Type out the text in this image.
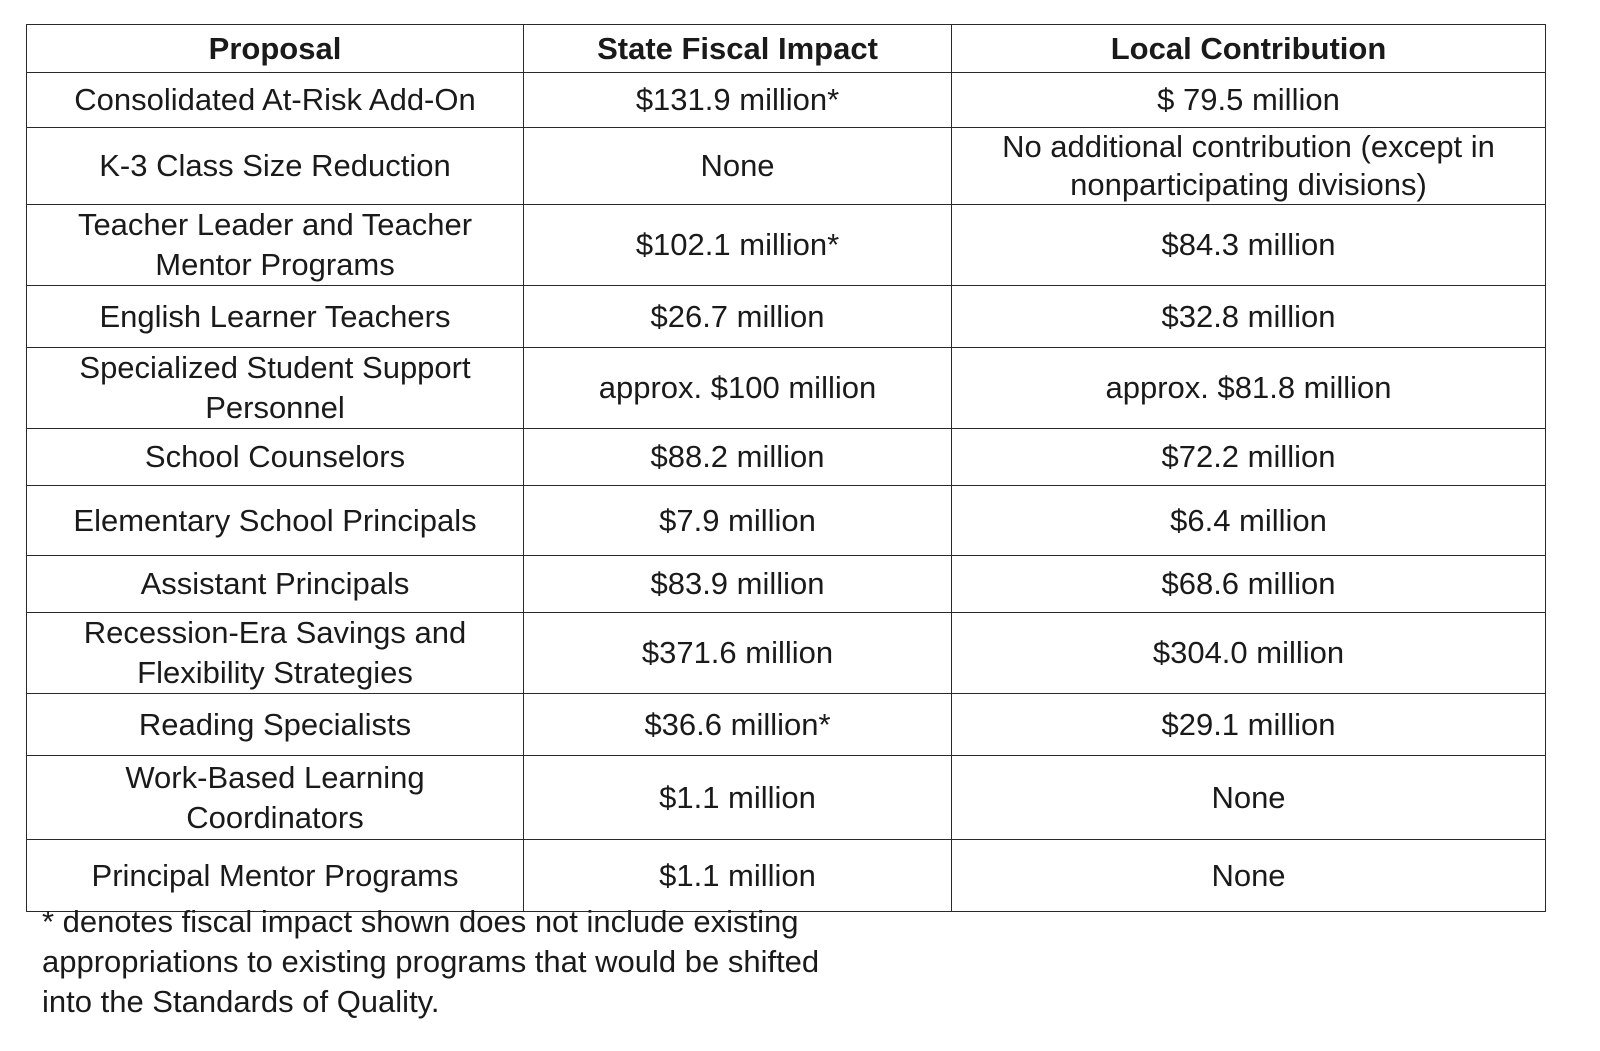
Proposal	State Fiscal Impact	Local Contribution
Consolidated At-Risk Add-On	$131.9 million*	$ 79.5 million
K-3 Class Size Reduction	None	No additional contribution (except in nonparticipating divisions)
Teacher Leader and Teacher Mentor Programs	$102.1 million*	$84.3 million
English Learner Teachers	$26.7 million	$32.8 million
Specialized Student Support Personnel	approx. $100 million	approx. $81.8 million
School Counselors	$88.2 million	$72.2 million
Elementary School Principals	$7.9 million	$6.4 million
Assistant Principals	$83.9 million	$68.6 million
Recession-Era Savings and Flexibility Strategies	$371.6 million	$304.0 million
Reading Specialists	$36.6 million*	$29.1 million
Work-Based Learning Coordinators	$1.1 million	None
Principal Mentor Programs	$1.1 million	None
* denotes fiscal impact shown does not include existing
appropriations to existing programs that would be shifted
into the Standards of Quality.
